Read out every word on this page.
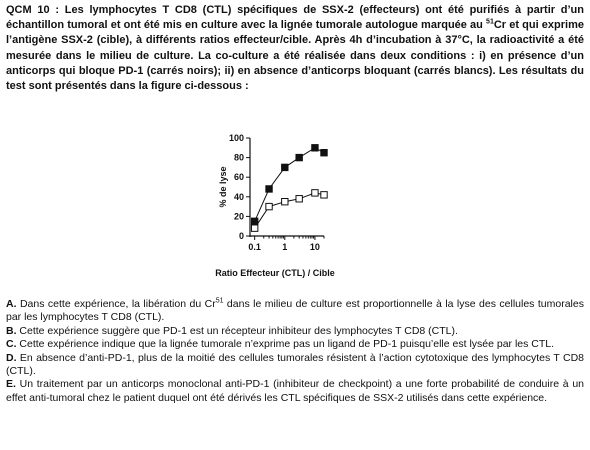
QCM 10 : Les lymphocytes T CD8 (CTL) spécifiques de SSX-2 (effecteurs) ont été purifiés à partir d’un échantillon tumoral et ont été mis en culture avec la lignée tumorale autologue marquée au $^{51}$Cr et qui exprime l’antigène SSX-2 (cible), à différents ratios effecteur/cible. Après 4h d’incubation à 37°C, la radioactivité a été mesurée dans le milieu de culture. La co-culture a été réalisée dans deux conditions : i) en présence d’un anticorps qui bloque PD-1 (carrés noirs); ii) en absence d’anticorps bloquant (carrés blancs). Les résultats du test sont présentés dans la figure ci-dessous :

0
20
40
60
80
100
0.1 1	10
% de lyse
Ratio Effecteur (CTL) / Cible
A. Dans cette expérience, la libération du Cr$^{51}$ dans le milieu de culture est proportionnelle à la lyse des cellules tumorales par les lymphocytes T CD8 (CTL).
B. Cette expérience suggère que PD-1 est un récepteur inhibiteur des lymphocytes T CD8 (CTL).
C. Cette expérience indique que la lignée tumorale n’exprime pas un ligand de PD-1 puisqu’elle est lysée par les CTL.
D. En absence d’anti-PD-1, plus de la moitié des cellules tumorales résistent à l’action cytotoxique des lymphocytes T CD8 (CTL).
E. Un traitement par un anticorps monoclonal anti-PD-1 (inhibiteur de checkpoint) a une forte probabilité de conduire à un effet anti-tumoral chez le patient duquel ont été dérivés les CTL spécifiques de SSX-2 utilisés dans cette expérience.
